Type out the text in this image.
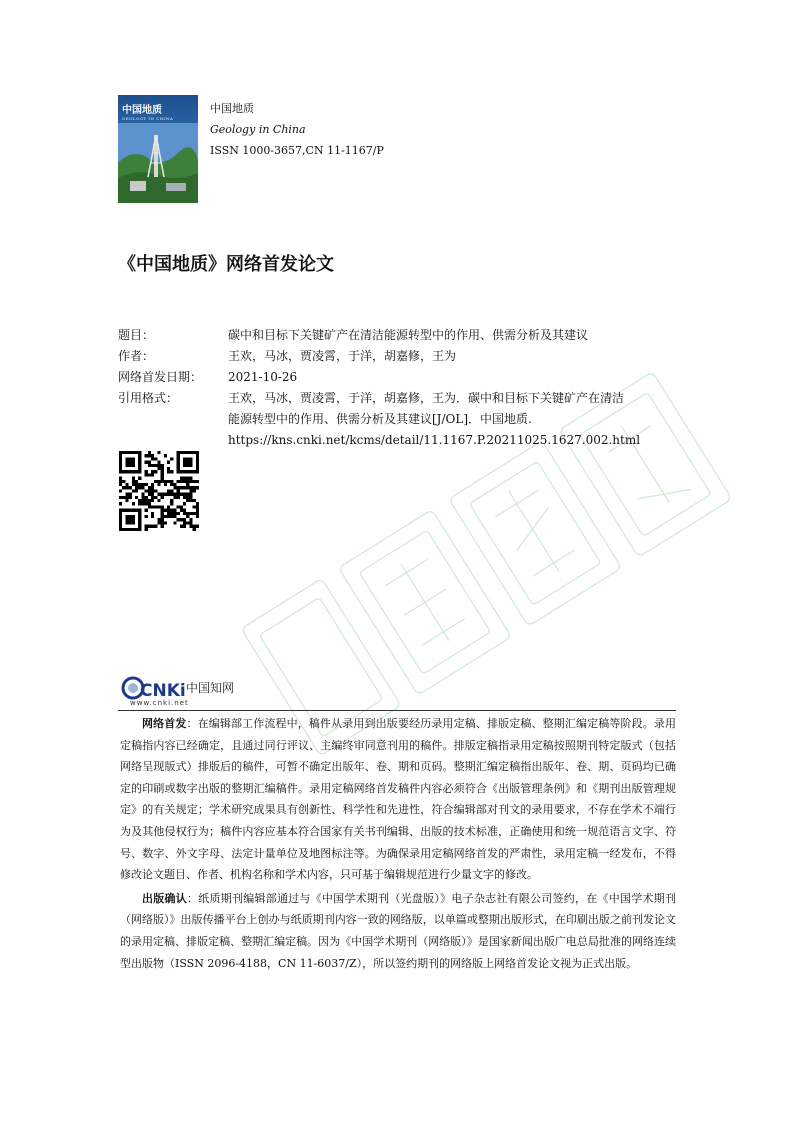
中国地质
GEOLOGY IN CHINA
中国地质
Geology in China
ISSN 1000-3657,CN 11-1167/P
《中国地质》网络首发论文
题目：	碳中和目标下关键矿产在清洁能源转型中的作用、供需分析及其建议
作者：	王欢，马冰，贾凌霄，于洋，胡嘉修，王为
网络首发日期：	2021-10-26
引用格式：	王欢，马冰，贾凌霄，于洋，胡嘉修，王为．碳中和目标下关键矿产在清洁
能源转型中的作用、供需分析及其建议[J/OL]．中国地质.
https://kns.cnki.net/kcms/detail/11.1167.P.20211025.1627.002.html
CNKi 中国知网
www.cnki.net

网络首发：在编辑部工作流程中，稿件从录用到出版要经历录用定稿、排版定稿、整期汇编定稿等阶段。录用定稿指内容已经确定，且通过同行评议、主编终审同意刊用的稿件。排版定稿指录用定稿按照期刊特定版式（包括网络呈现版式）排版后的稿件，可暂不确定出版年、卷、期和页码。整期汇编定稿指出版年、卷、期、页码均已确定的印刷或数字出版的整期汇编稿件。录用定稿网络首发稿件内容必须符合《出版管理条例》和《期刊出版管理规定》的有关规定；学术研究成果具有创新性、科学性和先进性，符合编辑部对刊文的录用要求，不存在学术不端行为及其他侵权行为；稿件内容应基本符合国家有关书刊编辑、出版的技术标准，正确使用和统一规范语言文字、符号、数字、外文字母、法定计量单位及地图标注等。为确保录用定稿网络首发的严肃性，录用定稿一经发布，不得修改论文题目、作者、机构名称和学术内容，只可基于编辑规范进行少量文字的修改。

出版确认：纸质期刊编辑部通过与《中国学术期刊（光盘版）》电子杂志社有限公司签约，在《中国学术期刊（网络版）》出版传播平台上创办与纸质期刊内容一致的网络版，以单篇或整期出版形式，在印刷出版之前刊发论文的录用定稿、排版定稿、整期汇编定稿。因为《中国学术期刊（网络版）》是国家新闻出版广电总局批准的网络连续型出版物（ISSN 2096-4188，CN 11-6037/Z），所以签约期刊的网络版上网络首发论文视为正式出版。
